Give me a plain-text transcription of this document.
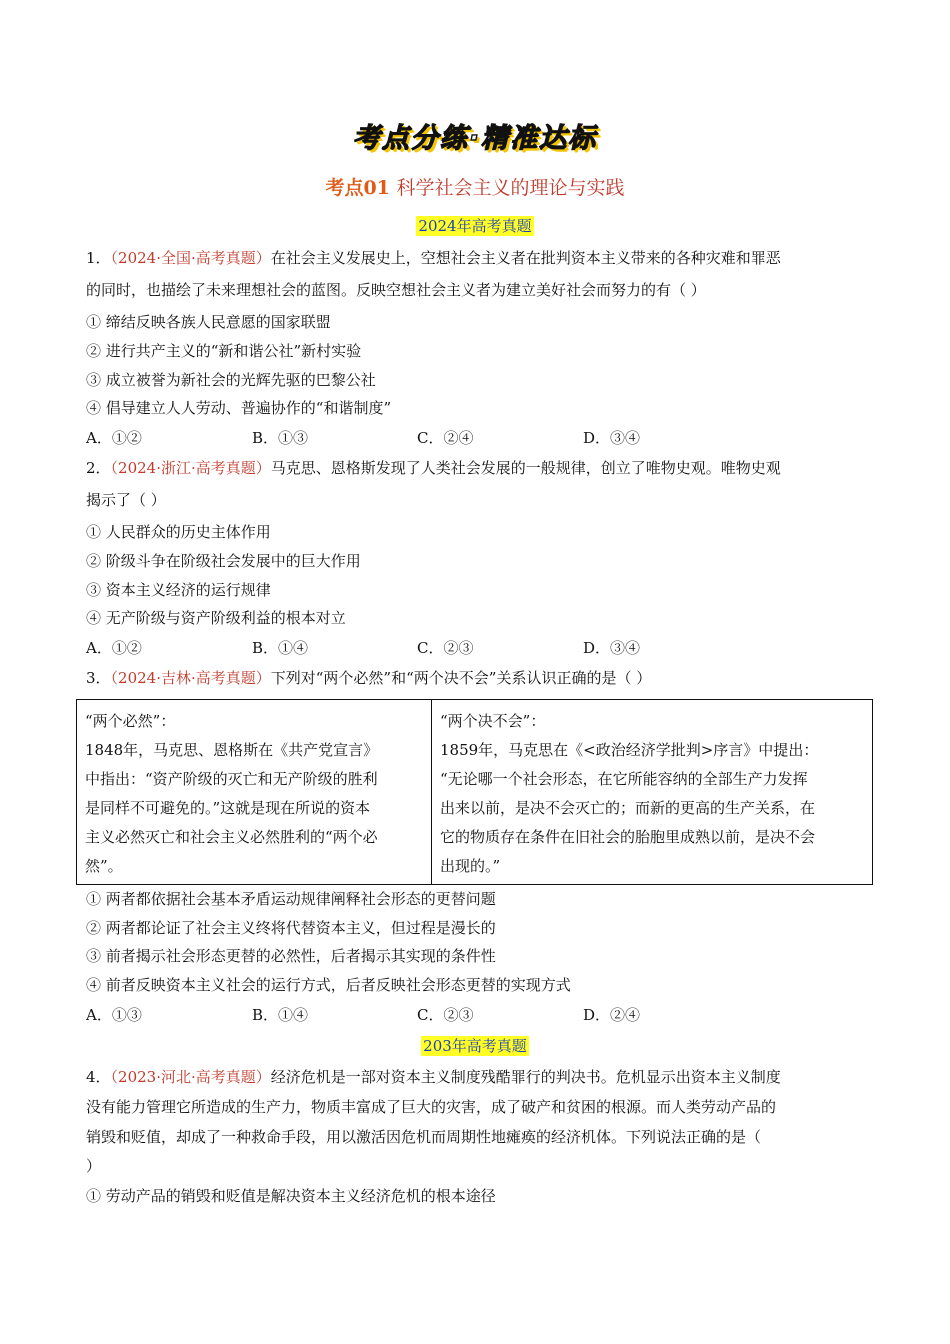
考点分练·精准达标
考点01 科学社会主义的理论与实践
2024年高考真题
1．（2024·全国·高考真题）在社会主义发展史上，空想社会主义者在批判资本主义带来的各种灾难和罪恶
的同时，也描绘了未来理想社会的蓝图。反映空想社会主义者为建立美好社会而努力的有（ ）
① 缔结反映各族人民意愿的国家联盟
② 进行共产主义的“新和谐公社”新村实验
③ 成立被誉为新社会的光辉先驱的巴黎公社
④ 倡导建立人人劳动、普遍协作的“和谐制度”
A．①②	B．①③	C．②④	D．③④
2．（2024·浙江·高考真题）马克思、恩格斯发现了人类社会发展的一般规律，创立了唯物史观。唯物史观
揭示了（ ）
① 人民群众的历史主体作用
② 阶级斗争在阶级社会发展中的巨大作用
③ 资本主义经济的运行规律
④ 无产阶级与资产阶级利益的根本对立
A．①②	B．①④	C．②③	D．③④
3．（2024·吉林·高考真题）下列对“两个必然”和“两个决不会”关系认识正确的是（ ）
“两个必然”：
1848年，马克思、恩格斯在《共产党宣言》
中指出：“资产阶级的灭亡和无产阶级的胜利
是同样不可避免的。”这就是现在所说的资本
主义必然灭亡和社会主义必然胜利的“两个必
然”。
“两个决不会”：
1859年，马克思在《<政治经济学批判>序言》中提出：
“无论哪一个社会形态，在它所能容纳的全部生产力发挥
出来以前，是决不会灭亡的；而新的更高的生产关系，在
它的物质存在条件在旧社会的胎胞里成熟以前，是决不会
出现的。”
① 两者都依据社会基本矛盾运动规律阐释社会形态的更替问题
② 两者都论证了社会主义终将代替资本主义，但过程是漫长的
③ 前者揭示社会形态更替的必然性，后者揭示其实现的条件性
④ 前者反映资本主义社会的运行方式，后者反映社会形态更替的实现方式
A．①③	B．①④	C．②③	D．②④
203年高考真题
4．（2023·河北·高考真题）经济危机是一部对资本主义制度残酷罪行的判决书。危机显示出资本主义制度
没有能力管理它所造成的生产力，物质丰富成了巨大的灾害，成了破产和贫困的根源。而人类劳动产品的
销毁和贬值，却成了一种救命手段，用以激活因危机而周期性地瘫痪的经济机体。下列说法正确的是（
）
① 劳动产品的销毁和贬值是解决资本主义经济危机的根本途径
